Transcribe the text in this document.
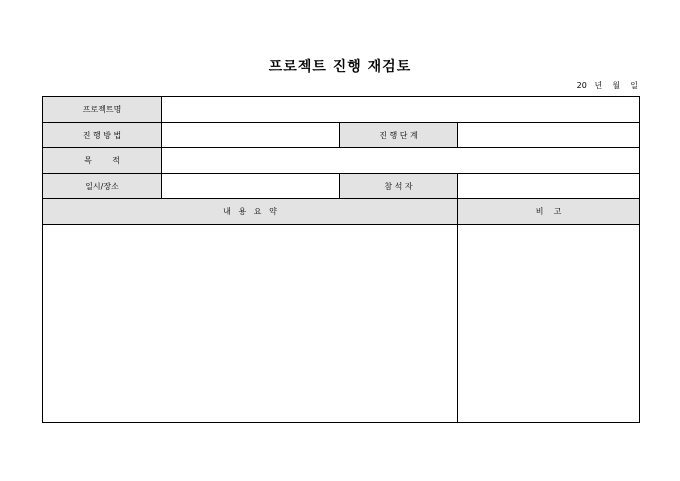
프로젝트 진행 재검토
20   년    월    일
프로젝트명			
진 행 방 법		진 행 단 계	
목        적			
일시/장소		참 석 자	
내   용   요   약			비    고
